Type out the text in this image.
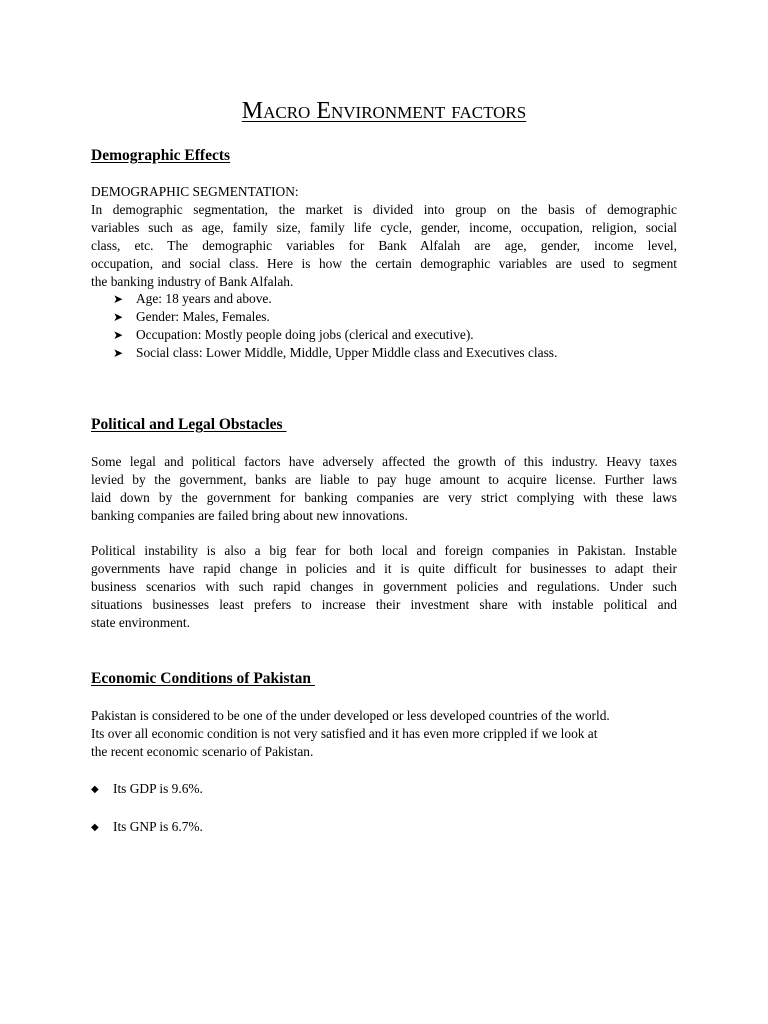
Macro Environment factors
Demographic Effects

DEMOGRAPHIC SEGMENTATION:

In demographic segmentation, the market is divided into group on the basis of demographic
variables such as age, family size, family life cycle, gender, income, occupation, religion, social
class, etc. The demographic variables for Bank Alfalah are age, gender, income level,
occupation, and social class. Here is how the certain demographic variables are used to segment
the banking industry of Bank Alfalah.
➤ Age: 18 years and above.
➤ Gender: Males, Females.
➤ Occupation: Mostly people doing jobs (clerical and executive).
➤ Social class: Lower Middle, Middle, Upper Middle class and Executives class.
Political and Legal Obstacles
Some legal and political factors have adversely affected the growth of this industry. Heavy taxes
levied by the government, banks are liable to pay huge amount to acquire license. Further laws
laid down by the government for banking companies are very strict complying with these laws
banking companies are failed bring about new innovations.
Political instability is also a big fear for both local and foreign companies in Pakistan. Instable
governments have rapid change in policies and it is quite difficult for businesses to adapt their
business scenarios with such rapid changes in government policies and regulations. Under such
situations businesses least prefers to increase their investment share with instable political and
state environment.
Economic Conditions of Pakistan
Pakistan is considered to be one of the under developed or less developed countries of the world.
Its over all economic condition is not very satisfied and it has even more crippled if we look at
the recent economic scenario of Pakistan.
◆ Its GDP is 9.6%.
◆ Its GNP is 6.7%.
